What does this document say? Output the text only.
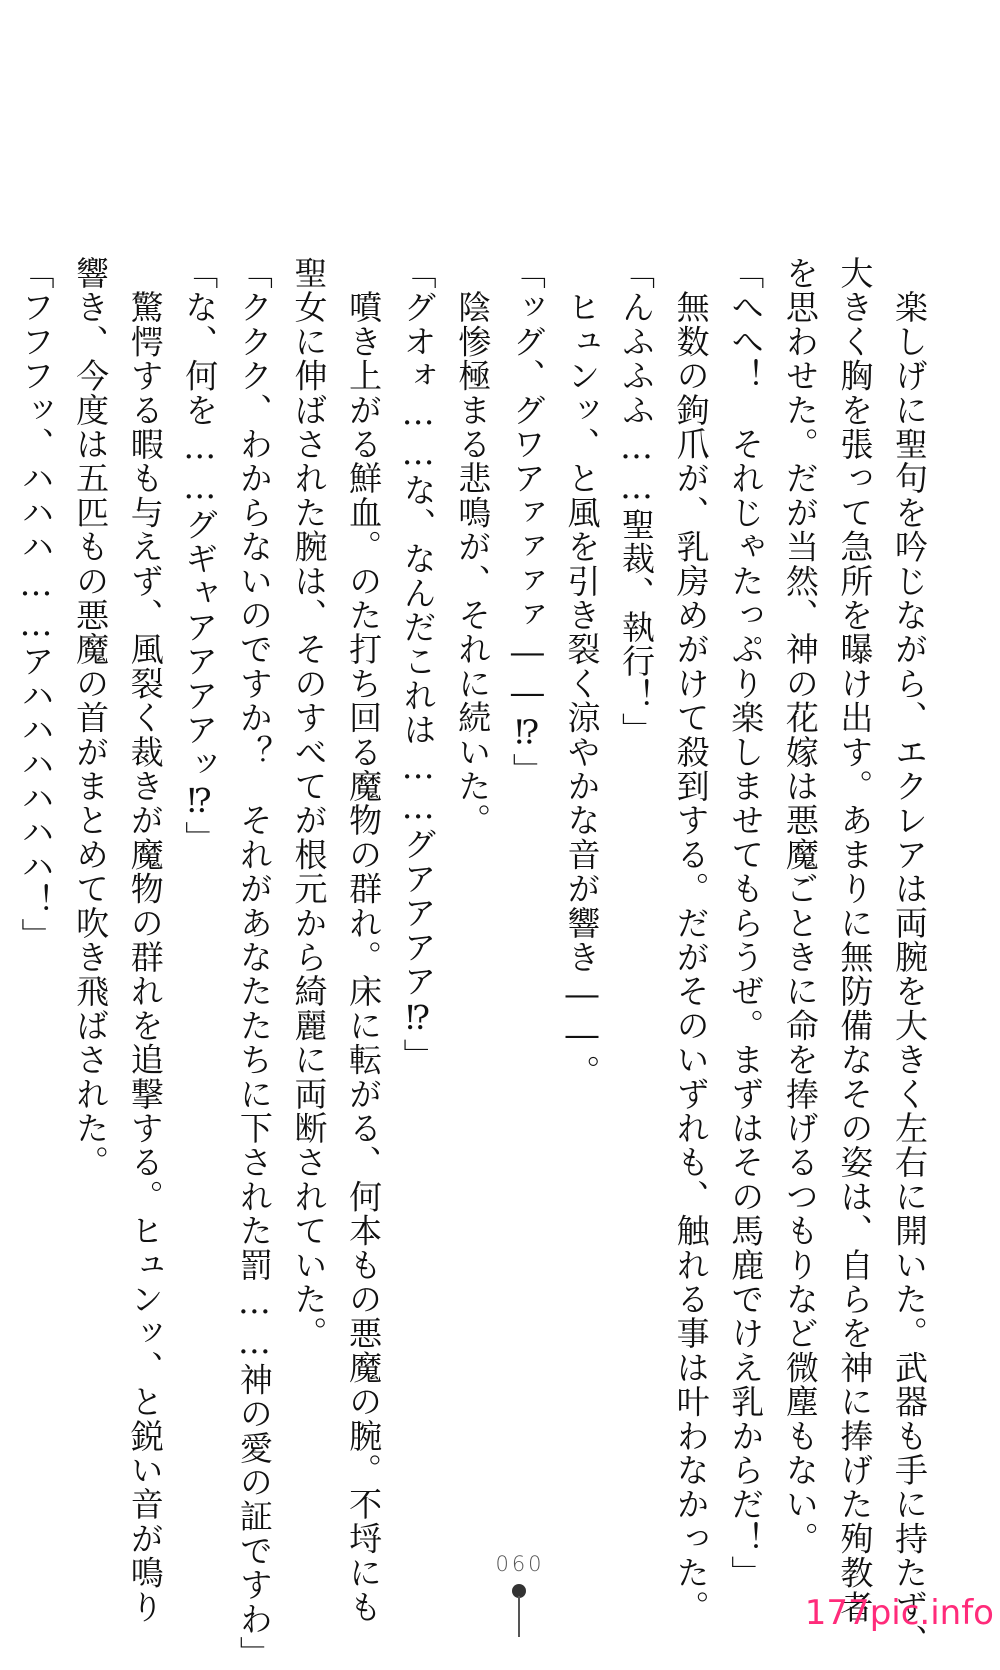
　楽しげに聖句を吟じながら、エクレアは両腕を大きく左右に開いた。武器も手に持たず、

大きく胸を張って急所を曝け出す。あまりに無防備なその姿は、自らを神に捧げた殉教者

を思わせた。だが当然、神の花嫁は悪魔ごときに命を捧げるつもりなど微塵もない。

「へへ！　それじゃたっぷり楽しませてもらうぜ。まずはその馬鹿でけえ乳からだ！」

　無数の鉤爪が、乳房めがけて殺到する。だがそのいずれも、触れる事は叶わなかった。

「んふふふ……聖裁、執行！」

　ヒュンッ、と風を引き裂く涼やかな音が響き――。

「ッグ、グワアァァァァ――⁉」

　陰惨極まる悲鳴が、それに続いた。

「グオォ……な、なんだこれは……グアアアア⁉」

　噴き上がる鮮血。のた打ち回る魔物の群れ。床に転がる、何本もの悪魔の腕。不埒にも

聖女に伸ばされた腕は、そのすべてが根元から綺麗に両断されていた。

「ククク、わからないのですか？　それがあなたたちに下された罰……神の愛の証ですわ」

「な、何を……グギャアアアアッ⁉」

　驚愕する暇も与えず、風裂く裁きが魔物の群れを追撃する。ヒュンッ、と鋭い音が鳴り

響き、今度は五匹もの悪魔の首がまとめて吹き飛ばされた。

「フフフッ、ハハハ……アハハハハハハ！」

060
177pic.info
